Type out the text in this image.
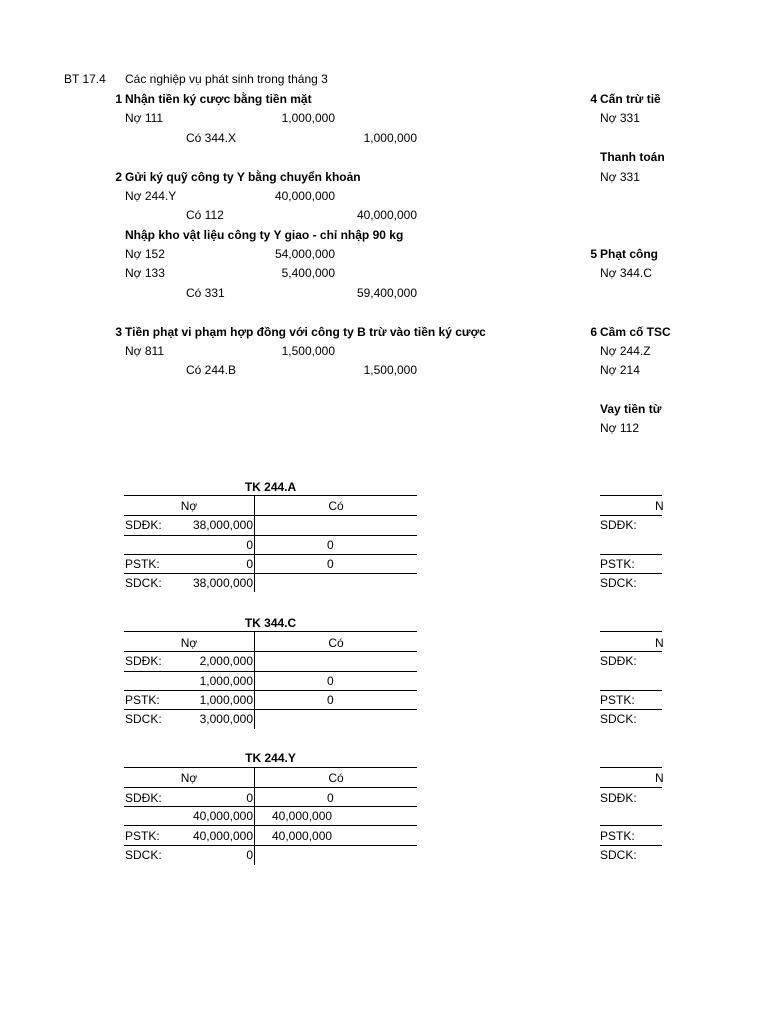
BT 17.4 Các nghiệp vụ phát sinh trong tháng 3
1 Nhận tiền ký cược bằng tiền mặt
Nợ 111	1,000,000
Có 344.X	1,000,000
2 Gửi ký quỹ công ty Y bằng chuyển khoản
Nợ 244.Y	40,000,000
Có 112	40,000,000
Nhập kho vật liệu công ty Y giao - chỉ nhập 90 kg
Nợ 152	54,000,000
Nợ 133	5,400,000
Có 331	59,400,000
3 Tiền phạt vi phạm hợp đồng với công ty B trừ vào tiền ký cược
Nợ 811	1,500,000
Có 244.B	1,500,000
4 Cấn trừ tiề
Nợ 331
Thanh toán
Nợ 331
5 Phạt công
Nợ 344.C
6 Cầm cố TSC
Nợ 244.Z
Nợ 214
Vay tiền từ
Nợ 112
TK 244.A
Nợ	Có
SDĐK:	38,000,000
0	0
PSTK:	0	0
SDCK:	38,000,000
TK 344.C
Nợ	Có
SDĐK:	2,000,000
1,000,000	0
PSTK:	1,000,000	0
SDCK:	3,000,000
TK 244.Y
Nợ	Có
SDĐK:	0	0
40,000,000 40,000,000
PSTK:	40,000,000 40,000,000
SDCK:	0
N
SDĐK:
PSTK:
SDCK:
N
SDĐK:
PSTK:
SDCK:
N
SDĐK:
PSTK:
SDCK:
